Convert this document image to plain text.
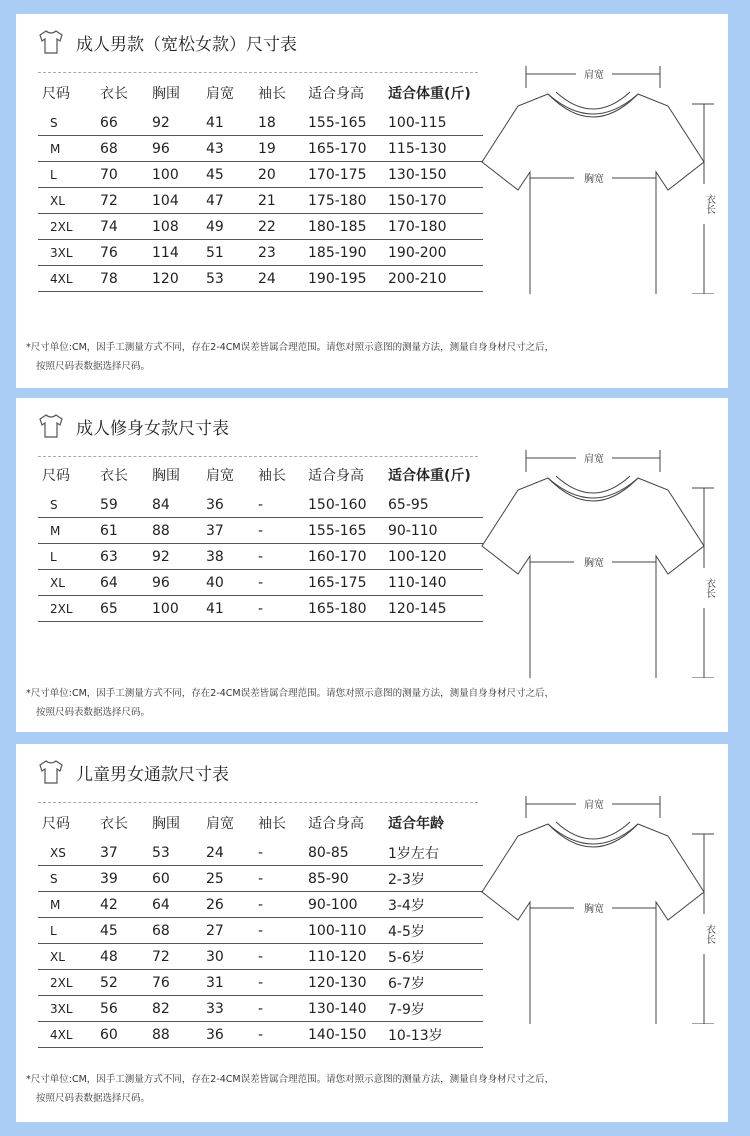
成人男款（宽松女款）尺寸表
尺码	衣长	胸围	肩宽	袖长	适合身高	适合体重(斤)
S	66	92	41	18	155-165	100-115
M	68	96	43	19	165-170	115-130
L	70	100	45	20	170-175	130-150
XL	72	104	47	21	175-180	150-170
2XL	74	108	49	22	180-185	170-180
3XL	76	114	51	23	185-190	190-200
4XL	78	120	53	24	190-195	200-210
*尺寸单位:CM，因手工测量方式不同，存在2-4CM误差皆属合理范围。请您对照示意图的测量方法，测量自身身材尺寸之后，
按照尺码表数据选择尺码。
肩宽
胸宽
衣长
成人修身女款尺寸表
尺码	衣长	胸围	肩宽	袖长	适合身高	适合体重(斤)
S	59	84	36	-	150-160	65-95
M	61	88	37	-	155-165	90-110
L	63	92	38	-	160-170	100-120
XL	64	96	40	-	165-175	110-140
2XL	65	100	41	-	165-180	120-145
*尺寸单位:CM，因手工测量方式不同，存在2-4CM误差皆属合理范围。请您对照示意图的测量方法，测量自身身材尺寸之后，
按照尺码表数据选择尺码。
肩宽
胸宽
衣长
儿童男女通款尺寸表
尺码	衣长	胸围	肩宽	袖长	适合身高	适合年龄
XS	37	53	24	-	80-85	1岁左右
S	39	60	25	-	85-90	2-3岁
M	42	64	26	-	90-100	3-4岁
L	45	68	27	-	100-110	4-5岁
XL	48	72	30	-	110-120	5-6岁
2XL	52	76	31	-	120-130	6-7岁
3XL	56	82	33	-	130-140	7-9岁
4XL	60	88	36	-	140-150	10-13岁
*尺寸单位:CM，因手工测量方式不同，存在2-4CM误差皆属合理范围。请您对照示意图的测量方法，测量自身身材尺寸之后，
按照尺码表数据选择尺码。
肩宽
胸宽
衣长
